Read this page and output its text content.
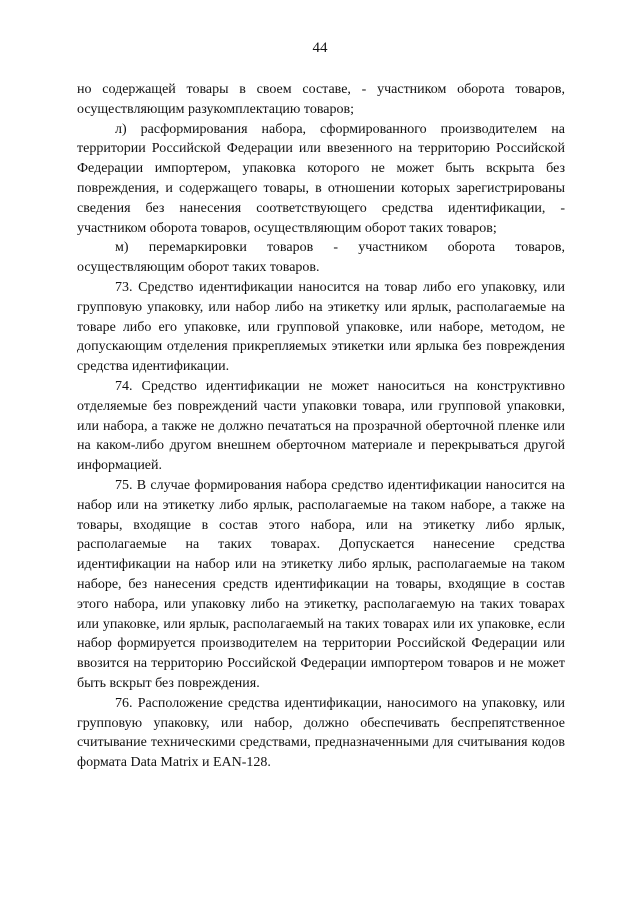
44

но содержащей товары в своем составе, - участником оборота товаров, осуществляющим разукомплектацию товаров;

л) расформирования набора, сформированного производителем на территории Российской Федерации или ввезенного на территорию Российской Федерации импортером, упаковка которого не может быть вскрыта без повреждения, и содержащего товары, в отношении которых зарегистрированы сведения без нанесения соответствующего средства идентификации, - участником оборота товаров, осуществляющим оборот таких товаров;

м) перемаркировки товаров - участником оборота товаров, осуществляющим оборот таких товаров.

73. Средство идентификации наносится на товар либо его упаковку, или групповую упаковку, или набор либо на этикетку или ярлык, располагаемые на товаре либо его упаковке, или групповой упаковке, или наборе, методом, не допускающим отделения прикрепляемых этикетки или ярлыка без повреждения средства идентификации.

74. Средство идентификации не может наноситься на конструктивно отделяемые без повреждений части упаковки товара, или групповой упаковки, или набора, а также не должно печататься на прозрачной оберточной пленке или на каком-либо другом внешнем оберточном материале и перекрываться другой информацией.

75. В случае формирования набора средство идентификации наносится на набор или на этикетку либо ярлык, располагаемые на таком наборе, а также на товары, входящие в состав этого набора, или на этикетку либо ярлык, располагаемые на таких товарах. Допускается нанесение средства идентификации на набор или на этикетку либо ярлык, располагаемые на таком наборе, без нанесения средств идентификации на товары, входящие в состав этого набора, или упаковку либо на этикетку, располагаемую на таких товарах или упаковке, или ярлык, располагаемый на таких товарах или их упаковке, если набор формируется производителем на территории Российской Федерации или ввозится на территорию Российской Федерации импортером товаров и не может быть вскрыт без повреждения.

76. Расположение средства идентификации, наносимого на упаковку, или групповую упаковку, или набор, должно обеспечивать беспрепятственное считывание техническими средствами, предназначенными для считывания кодов формата Data Matrix и EAN-128.
